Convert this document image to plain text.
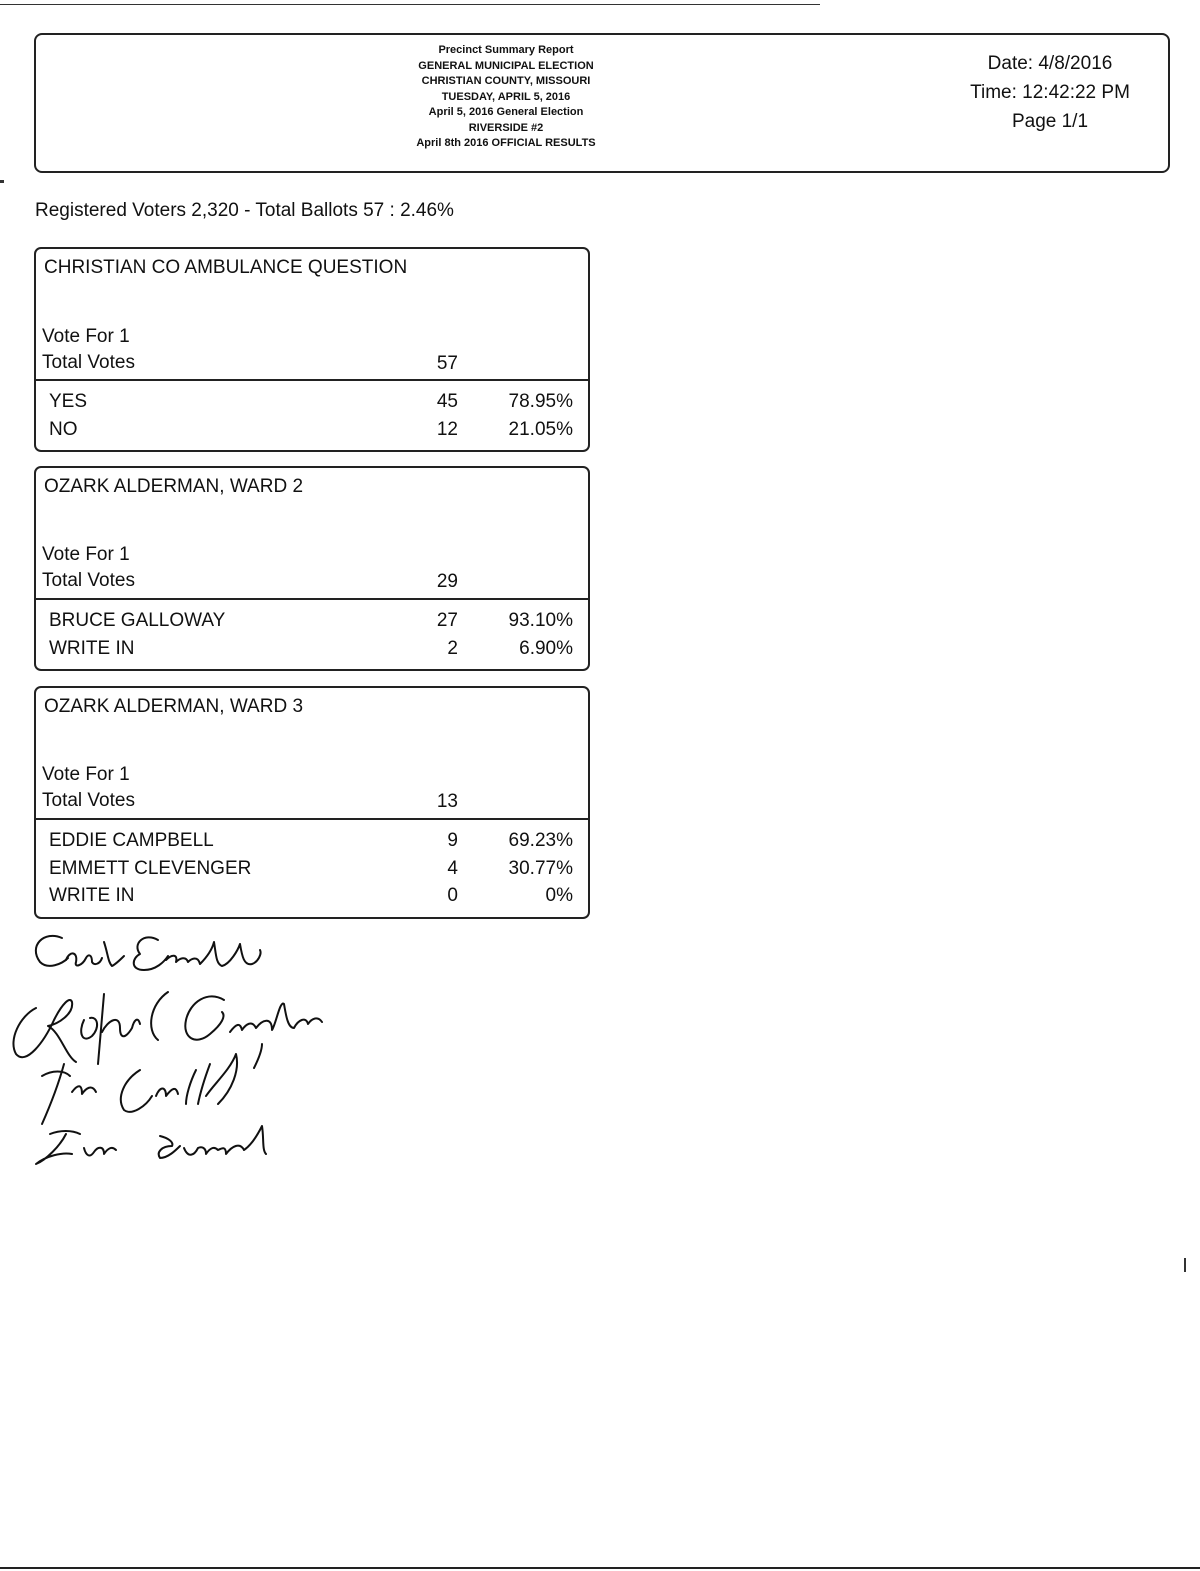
Precinct Summary Report
GENERAL MUNICIPAL ELECTION
CHRISTIAN COUNTY, MISSOURI
TUESDAY, APRIL 5, 2016
April 5, 2016 General Election
RIVERSIDE #2
April 8th 2016 OFFICIAL RESULTS
Date: 4/8/2016
Time: 12:42:22 PM
Page 1/1
Registered Voters 2,320 - Total Ballots 57 : 2.46%
CHRISTIAN CO AMBULANCE QUESTION
Vote For 1
Total Votes	57
YES	45	78.95%
NO	12	21.05%
OZARK ALDERMAN, WARD 2
Vote For 1
Total Votes	29
BRUCE GALLOWAY	27	93.10%
WRITE IN	2	6.90%
OZARK ALDERMAN, WARD 3
Vote For 1
Total Votes	13
EDDIE CAMPBELL	9	69.23%
EMMETT CLEVENGER	4	30.77%
WRITE IN	0	0%
